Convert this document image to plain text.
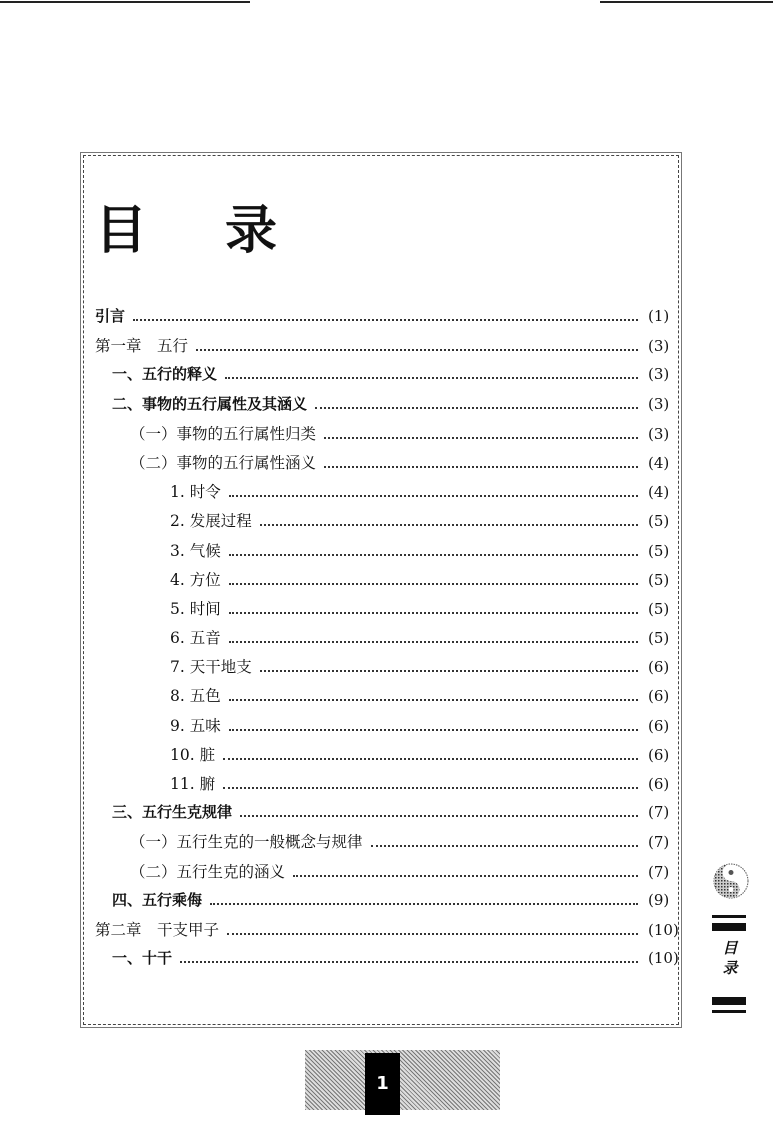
目 录
引言	(1)
第一章　五行	(3)
一、五行的释义	(3)
二、事物的五行属性及其涵义	(3)
（一）事物的五行属性归类	(3)
（二）事物的五行属性涵义	(4)
1. 时令	(4)
2. 发展过程	(5)
3. 气候	(5)
4. 方位	(5)
5. 时间	(5)
6. 五音	(5)
7. 天干地支	(6)
8. 五色	(6)
9. 五味	(6)
10. 脏	(6)
11. 腑	(6)
三、五行生克规律	(7)
（一）五行生克的一般概念与规律	(7)
（二）五行生克的涵义	(7)
四、五行乘侮	(9)
第二章　干支甲子	(10)
一、十干	(10)
目
录
1
